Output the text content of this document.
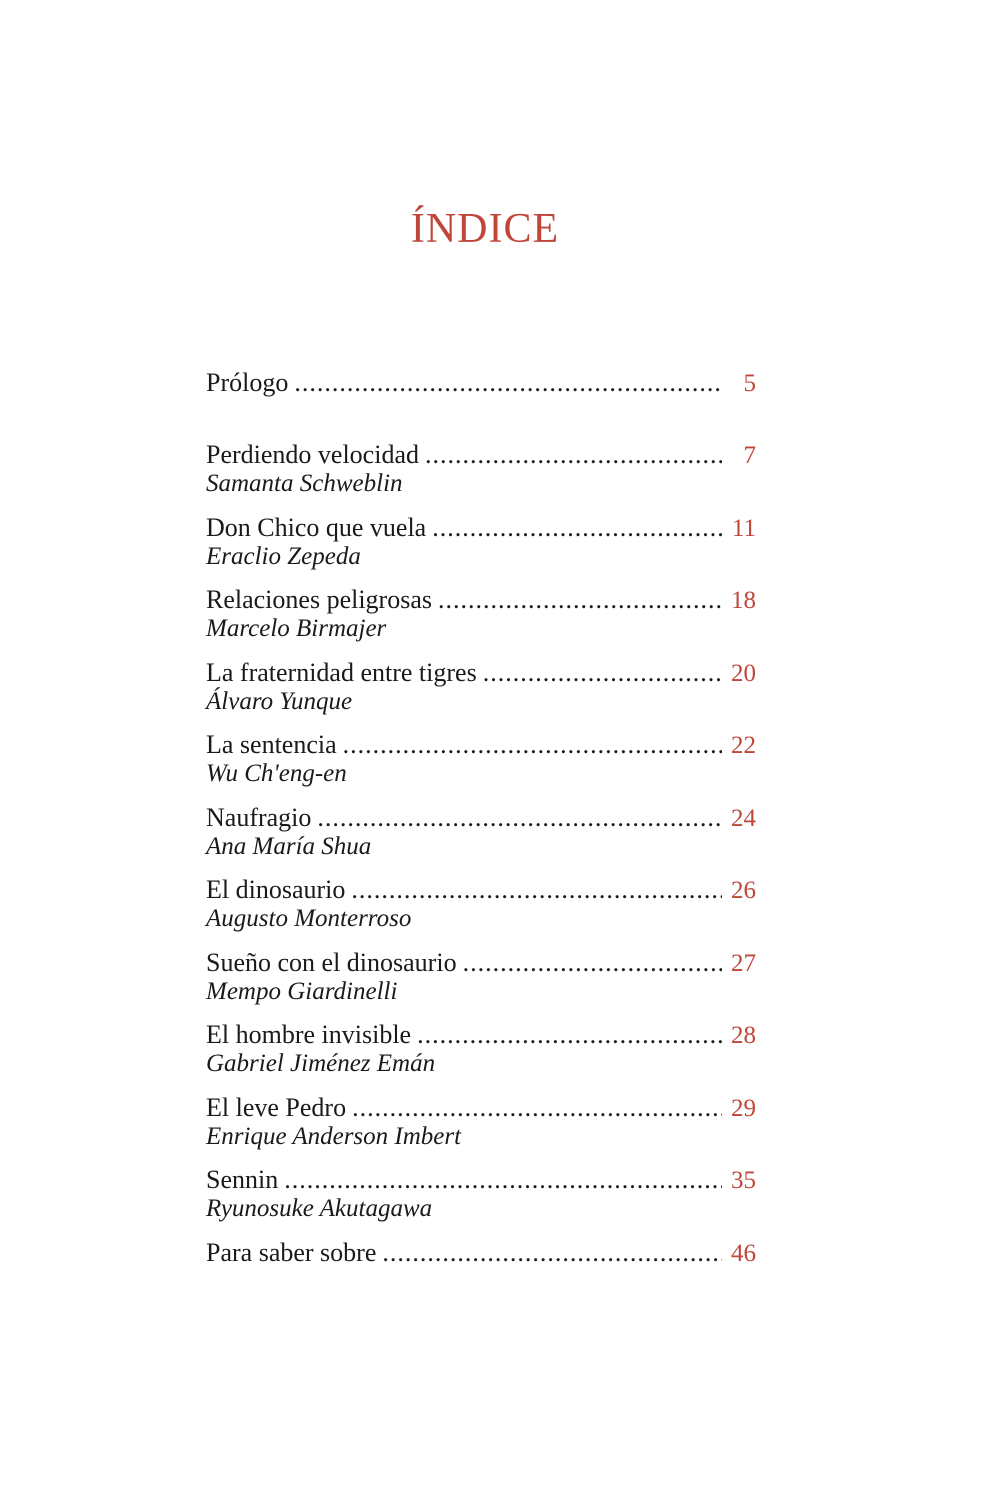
ÍNDICE
Prólogo .....	5
Perdiendo velocidad .....	7
Samanta Schweblin
Don Chico que vuela .....	11
Eraclio Zepeda
Relaciones peligrosas .....	18
Marcelo Birmajer
La fraternidad entre tigres .....	20
Álvaro Yunque
La sentencia .....	22
Wu Ch'eng-en
Naufragio .....	24
Ana María Shua
El dinosaurio .....	26
Augusto Monterroso
Sueño con el dinosaurio .....	27
Mempo Giardinelli
El hombre invisible .....	28
Gabriel Jiménez Emán
El leve Pedro .....	29
Enrique Anderson Imbert
Sennin .....	35
Ryunosuke Akutagawa
Para saber sobre .....	46
